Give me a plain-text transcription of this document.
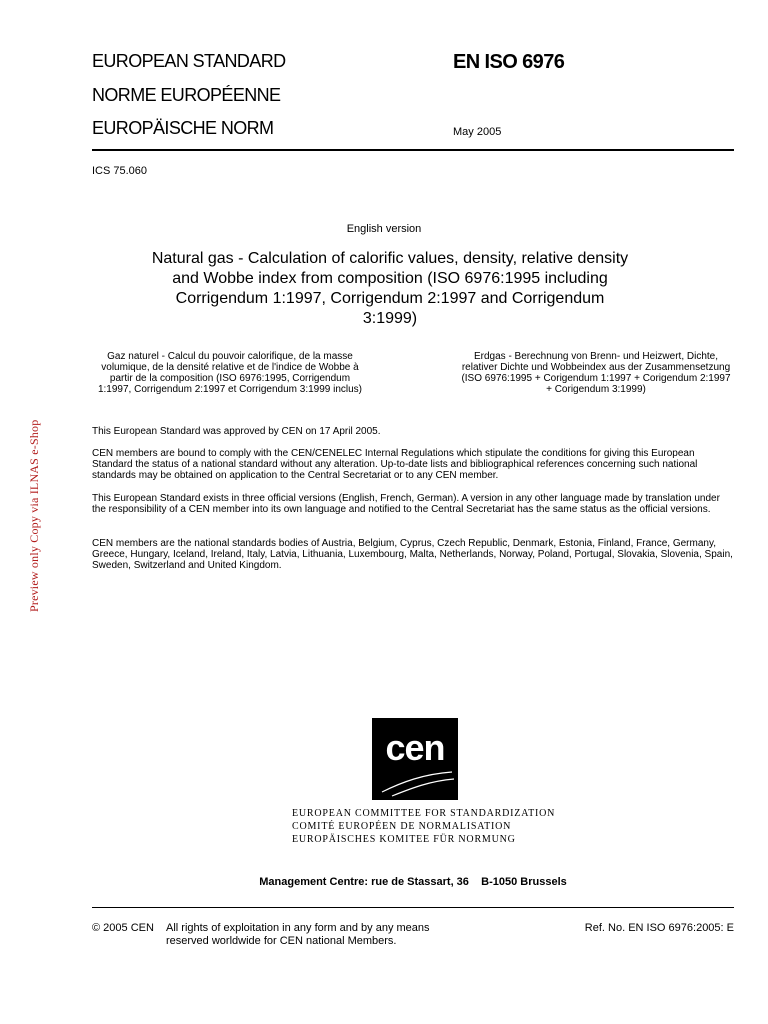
EUROPEAN STANDARD
NORME EUROPÉENNE
EUROPÄISCHE NORM
EN ISO 6976
May 2005
ICS 75.060
English version
Natural gas - Calculation of calorific values, density, relative density and Wobbe index from composition (ISO 6976:1995 including Corrigendum 1:1997, Corrigendum 2:1997 and Corrigendum 3:1999)
Gaz naturel - Calcul du pouvoir calorifique, de la masse volumique, de la densité relative et de l'indice de Wobbe à partir de la composition (ISO 6976:1995, Corrigendum 1:1997, Corrigendum 2:1997 et Corrigendum 3:1999 inclus)
Erdgas - Berechnung von Brenn- und Heizwert, Dichte, relativer Dichte und Wobbeindex aus der Zusammensetzung (ISO 6976:1995 + Corigendum 1:1997 + Corigendum 2:1997 + Corigendum 3:1999)
This European Standard was approved by CEN on 17 April 2005.
CEN members are bound to comply with the CEN/CENELEC Internal Regulations which stipulate the conditions for giving this European Standard the status of a national standard without any alteration. Up-to-date lists and bibliographical references concerning such national standards may be obtained on application to the Central Secretariat or to any CEN member.
This European Standard exists in three official versions (English, French, German). A version in any other language made by translation under the responsibility of a CEN member into its own language and notified to the Central Secretariat has the same status as the official versions.
CEN members are the national standards bodies of Austria, Belgium, Cyprus, Czech Republic, Denmark, Estonia, Finland, France, Germany, Greece, Hungary, Iceland, Ireland, Italy, Latvia, Lithuania, Luxembourg, Malta, Netherlands, Norway, Poland, Portugal, Slovakia, Slovenia, Spain, Sweden, Switzerland and United Kingdom.
Preview only Copy via ILNAS e-Shop
cen
EUROPEAN COMMITTEE FOR STANDARDIZATION
COMITÉ EUROPÉEN DE NORMALISATION
EUROPÄISCHES KOMITEE FÜR NORMUNG
Management Centre: rue de Stassart, 36    B-1050 Brussels
© 2005 CEN All rights of exploitation in any form and by any means reserved worldwide for CEN national Members.
Ref. No. EN ISO 6976:2005: E
